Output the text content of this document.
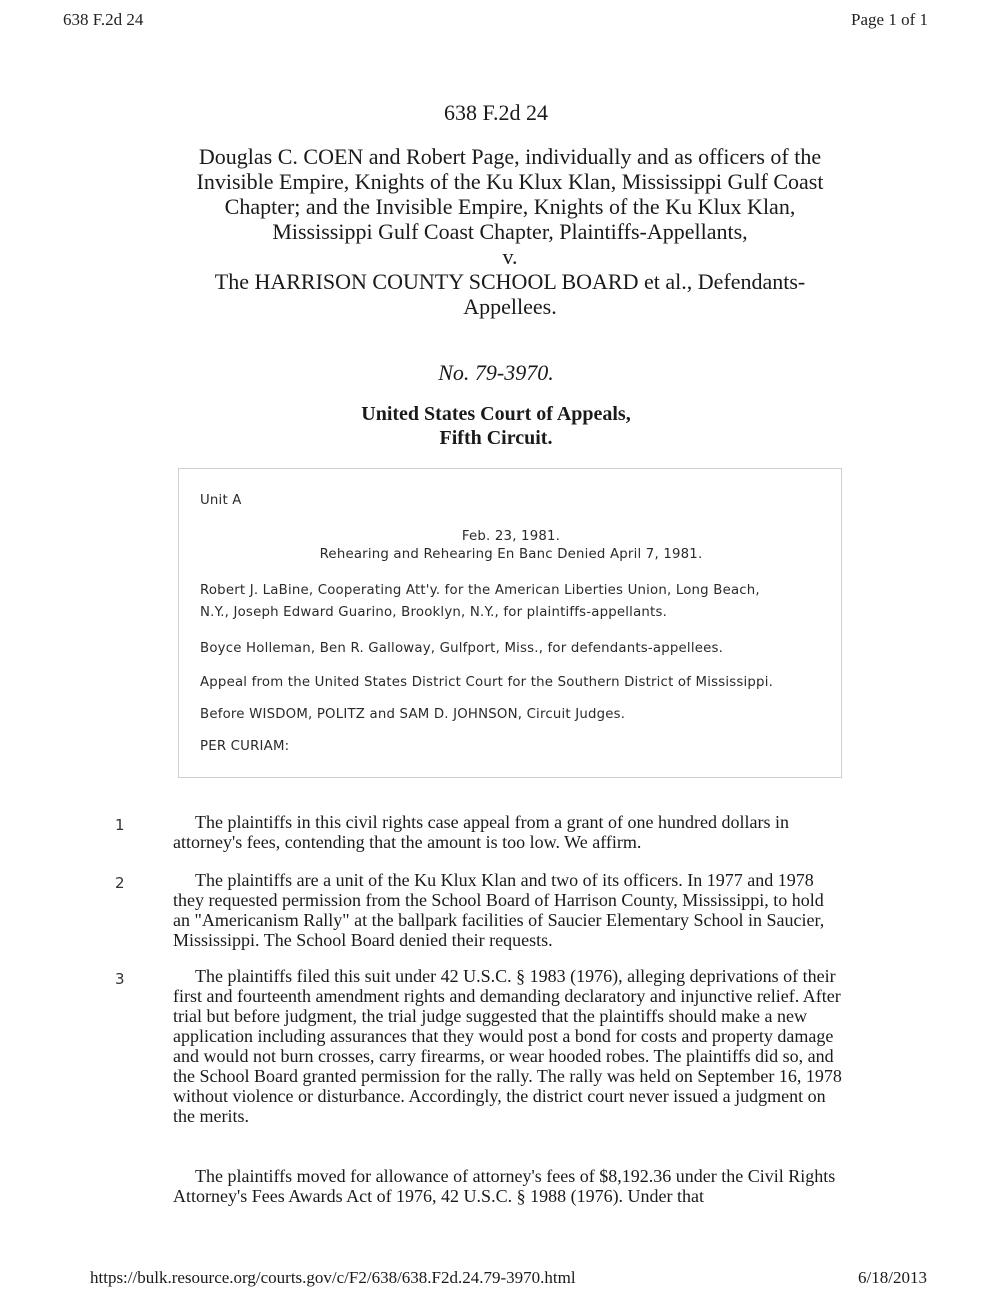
638 F.2d 24	Page 1 of 1
638 F.2d 24
Douglas C. COEN and Robert Page, individually and as officers of the Invisible Empire, Knights of the Ku Klux Klan, Mississippi Gulf Coast Chapter; and the Invisible Empire, Knights of the Ku Klux Klan, Mississippi Gulf Coast Chapter, Plaintiffs-Appellants,
v.
The HARRISON COUNTY SCHOOL BOARD et al., Defendants-Appellees.
No. 79-3970.
United States Court of Appeals,
Fifth Circuit.
Unit A
Feb. 23, 1981.
Rehearing and Rehearing En Banc Denied April 7, 1981.
Robert J. LaBine, Cooperating Att'y. for the American Liberties Union, Long Beach,
N.Y., Joseph Edward Guarino, Brooklyn, N.Y., for plaintiffs-appellants.
Boyce Holleman, Ben R. Galloway, Gulfport, Miss., for defendants-appellees.
Appeal from the United States District Court for the Southern District of Mississippi.
Before WISDOM, POLITZ and SAM D. JOHNSON, Circuit Judges.
PER CURIAM:
1	The plaintiffs in this civil rights case appeal from a grant of one hundred dollars in attorney's fees, contending that the amount is too low. We affirm.
2	The plaintiffs are a unit of the Ku Klux Klan and two of its officers. In 1977 and 1978 they requested permission from the School Board of Harrison County, Mississippi, to hold an "Americanism Rally" at the ballpark facilities of Saucier Elementary School in Saucier, Mississippi. The School Board denied their requests.
3	The plaintiffs filed this suit under 42 U.S.C. § 1983 (1976), alleging deprivations of their first and fourteenth amendment rights and demanding declaratory and injunctive relief. After trial but before judgment, the trial judge suggested that the plaintiffs should make a new application including assurances that they would post a bond for costs and property damage and would not burn crosses, carry firearms, or wear hooded robes. The plaintiffs did so, and the School Board granted permission for the rally. The rally was held on September 16, 1978 without violence or disturbance. Accordingly, the district court never issued a judgment on the merits.
The plaintiffs moved for allowance of attorney's fees of $8,192.36 under the Civil Rights Attorney's Fees Awards Act of 1976, 42 U.S.C. § 1988 (1976). Under that
https://bulk.resource.org/courts.gov/c/F2/638/638.F2d.24.79-3970.html	6/18/2013
